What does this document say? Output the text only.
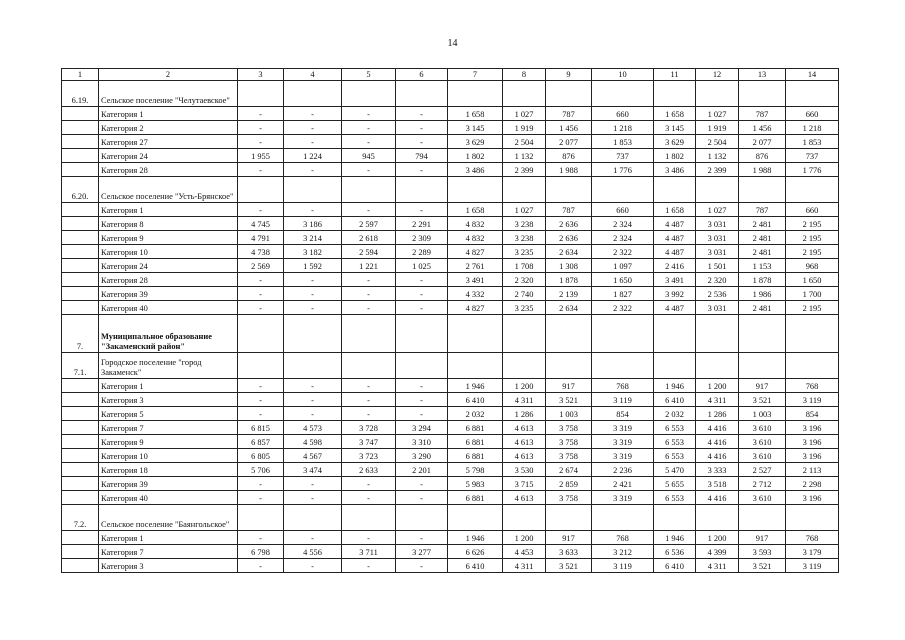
14
1	2	3	4	5	6	7	8	9	10	11	12	13	14
6.19.	Сельское поселение "Челутаевское"												
	Категория 1	-	-	-	-	1 658	1 027	787	660	1 658	1 027	787	660
	Категория 2	-	-	-	-	3 145	1 919	1 456	1 218	3 145	1 919	1 456	1 218
	Категория 27	-	-	-	-	3 629	2 504	2 077	1 853	3 629	2 504	2 077	1 853
	Категория 24	1 955	1 224	945	794	1 802	1 132	876	737	1 802	1 132	876	737
	Категория 28	-	-	-	-	3 486	2 399	1 988	1 776	3 486	2 399	1 988	1 776
6.20.	Сельское поселение "Усть-Брянское"												
	Категория 1	-	-	-	-	1 658	1 027	787	660	1 658	1 027	787	660
	Категория 8	4 745	3 186	2 597	2 291	4 832	3 238	2 636	2 324	4 487	3 031	2 481	2 195
	Категория 9	4 791	3 214	2 618	2 309	4 832	3 238	2 636	2 324	4 487	3 031	2 481	2 195
	Категория 10	4 738	3 182	2 594	2 289	4 827	3 235	2 634	2 322	4 487	3 031	2 481	2 195
	Категория 24	2 569	1 592	1 221	1 025	2 761	1 708	1 308	1 097	2 416	1 501	1 153	968
	Категория 28	-	-	-	-	3 491	2 320	1 878	1 650	3 491	2 320	1 878	1 650
	Категория 39	-	-	-	-	4 332	2 740	2 139	1 827	3 992	2 536	1 986	1 700
	Категория 40	-	-	-	-	4 827	3 235	2 634	2 322	4 487	3 031	2 481	2 195
7.	Муниципальное образование "Закаменский район"												
7.1.	Городское поселение "город Закаменск"												
	Категория 1	-	-	-	-	1 946	1 200	917	768	1 946	1 200	917	768
	Категория 3	-	-	-	-	6 410	4 311	3 521	3 119	6 410	4 311	3 521	3 119
	Категория 5	-	-	-	-	2 032	1 286	1 003	854	2 032	1 286	1 003	854
	Категория 7	6 815	4 573	3 728	3 294	6 881	4 613	3 758	3 319	6 553	4 416	3 610	3 196
	Категория 9	6 857	4 598	3 747	3 310	6 881	4 613	3 758	3 319	6 553	4 416	3 610	3 196
	Категория 10	6 805	4 567	3 723	3 290	6 881	4 613	3 758	3 319	6 553	4 416	3 610	3 196
	Категория 18	5 706	3 474	2 633	2 201	5 798	3 530	2 674	2 236	5 470	3 333	2 527	2 113
	Категория 39	-	-	-	-	5 983	3 715	2 859	2 421	5 655	3 518	2 712	2 298
	Категория 40	-	-	-	-	6 881	4 613	3 758	3 319	6 553	4 416	3 610	3 196
7.2.	Сельское поселение "Баянгольское"												
	Категория 1	-	-	-	-	1 946	1 200	917	768	1 946	1 200	917	768
	Категория 7	6 798	4 556	3 711	3 277	6 626	4 453	3 633	3 212	6 536	4 399	3 593	3 179
	Категория 3	-	-	-	-	6 410	4 311	3 521	3 119	6 410	4 311	3 521	3 119
